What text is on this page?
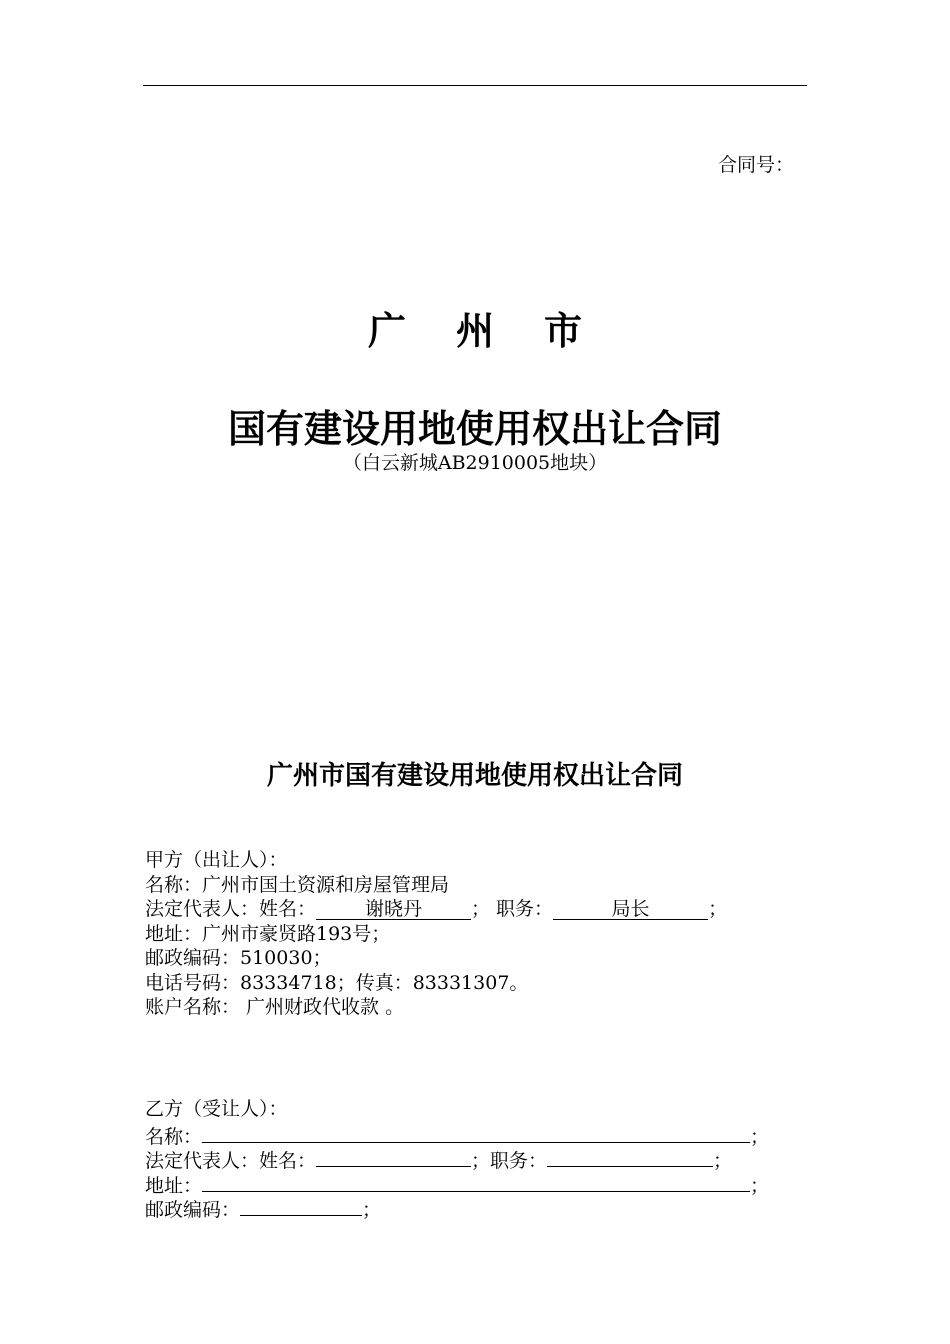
合同号：
广州市
国有建设用地使用权出让合同
（白云新城AB2910005地块）
广州市国有建设用地使用权出让合同
甲方（出让人）：
名称：广州市国土资源和房屋管理局
法定代表人：姓名：	谢晓丹	； 职务：	局长	；
地址：广州市豪贤路193号；
邮政编码：510030；
电话号码：83334718；传真：83331307。
账户名称： 广州财政代收款 。
乙方（受让人）：
名称：	；
法定代表人：姓名：	；职务：	；
地址：	；
邮政编码：	；
